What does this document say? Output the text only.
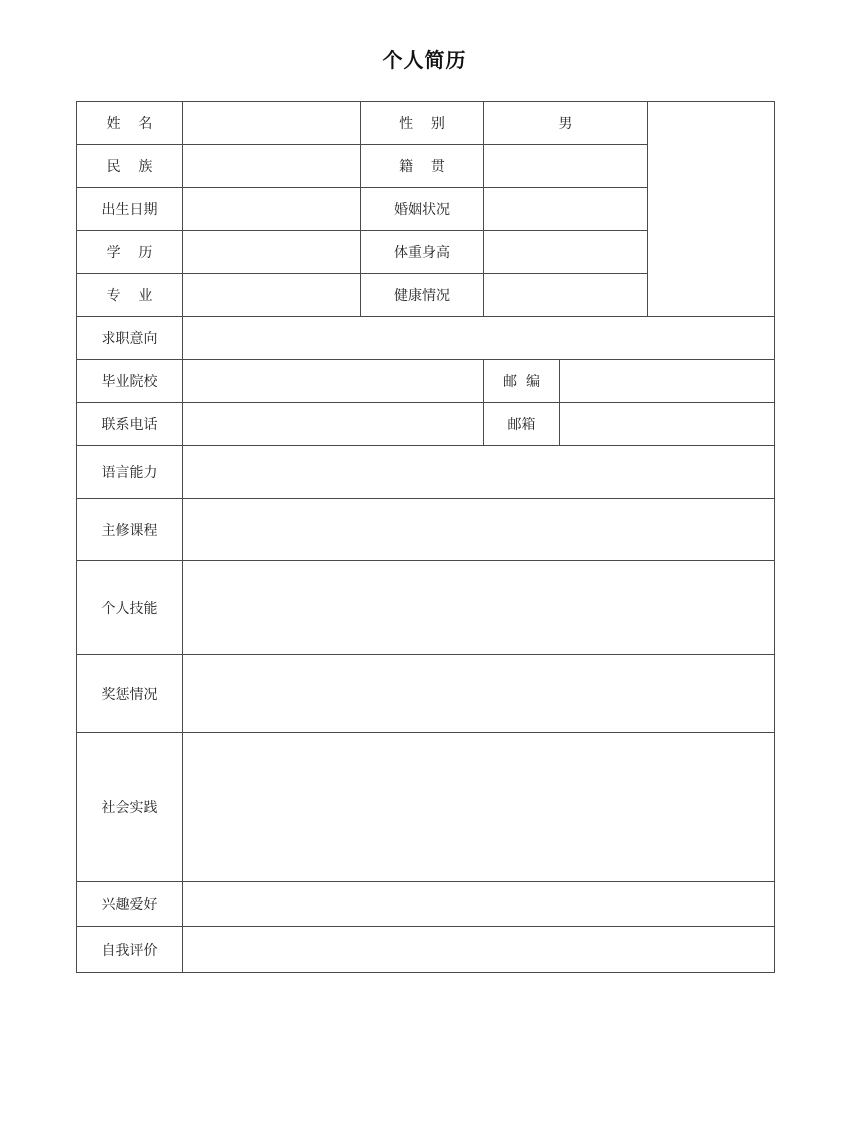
个人简历
姓    名		性    别	男		
民    族		籍    贯			
出生日期		婚姻状况			
学    历		体重身高			
专    业		健康情况			
求职意向					
毕业院校			邮  编		
联系电话			邮箱		
语言能力					
主修课程					
个人技能					
奖惩情况					
社会实践					
兴趣爱好					
自我评价					
